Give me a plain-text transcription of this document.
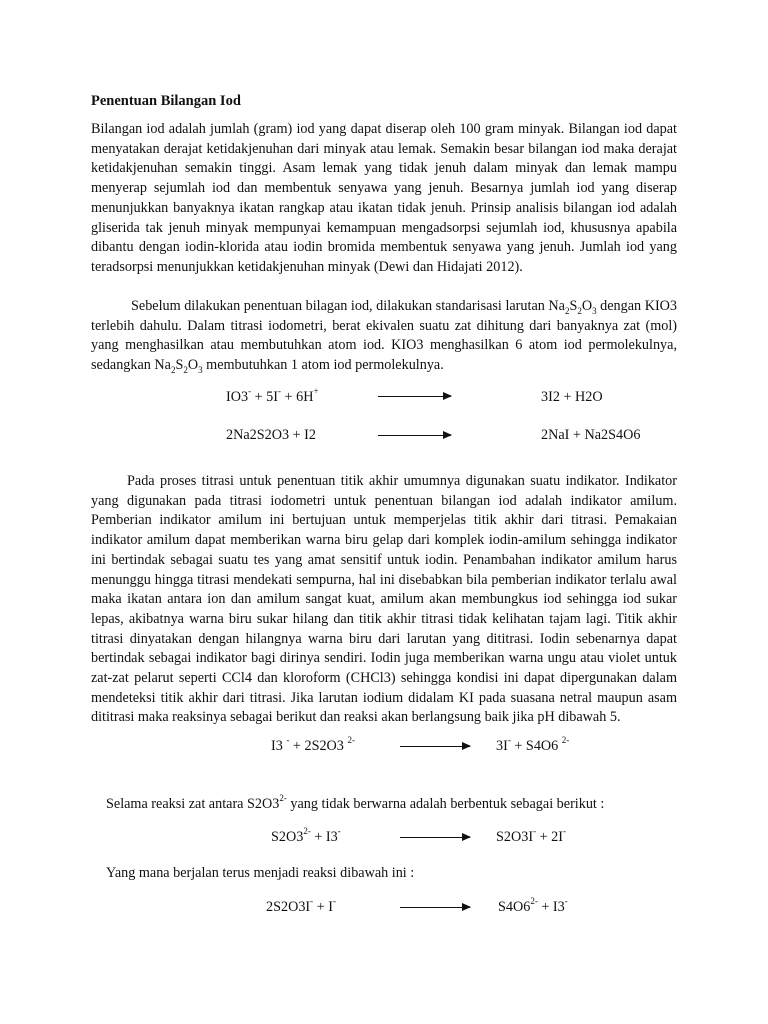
Penentuan Bilangan Iod

Bilangan iod adalah jumlah (gram) iod yang dapat diserap oleh 100 gram minyak. Bilangan iod dapat menyatakan derajat ketidakjenuhan dari minyak atau lemak. Semakin besar bilangan iod maka derajat ketidakjenuhan semakin tinggi. Asam lemak yang tidak jenuh dalam minyak dan lemak mampu menyerap sejumlah iod dan membentuk senyawa yang jenuh. Besarnya jumlah iod yang diserap menunjukkan banyaknya ikatan rangkap atau ikatan tidak jenuh. Prinsip analisis bilangan iod adalah gliserida tak jenuh minyak mempunyai kemampuan mengadsorpsi sejumlah iod, khususnya apabila dibantu dengan iodin-klorida atau iodin bromida membentuk senyawa yang jenuh. Jumlah iod yang teradsorpsi menunjukkan ketidakjenuhan minyak (Dewi dan Hidajati 2012).

Sebelum dilakukan penentuan bilagan iod, dilakukan standarisasi larutan $Na_2S_2O_3$ dengan KIO3 terlebih dahulu. Dalam titrasi iodometri, berat ekivalen suatu zat dihitung dari banyaknya zat (mol) yang menghasilkan atau membutuhkan atom iod. KIO3 menghasilkan 6 atom iod permolekulnya, sedangkan $Na_2S_2O_3$ membutuhkan 1 atom iod permolekulnya.

IO3- + 5I- + 6H+	3I2 + H2O
2Na2S2O3 + I2	2NaI + Na2S4O6

Pada proses titrasi untuk penentuan titik akhir umumnya digunakan suatu indikator. Indikator yang digunakan pada titrasi iodometri untuk penentuan bilangan iod adalah indikator amilum. Pemberian indikator amilum ini bertujuan untuk memperjelas titik akhir dari titrasi. Pemakaian indikator amilum dapat memberikan warna biru gelap dari komplek iodin-amilum sehingga indikator ini bertindak sebagai suatu tes yang amat sensitif untuk iodin. Penambahan indikator amilum harus menunggu hingga titrasi mendekati sempurna, hal ini disebabkan bila pemberian indikator terlalu awal maka ikatan antara ion dan amilum sangat kuat, amilum akan membungkus iod sehingga iod sukar lepas, akibatnya warna biru sukar hilang dan titik akhir titrasi tidak kelihatan tajam lagi. Titik akhir titrasi dinyatakan dengan hilangnya warna biru dari larutan yang dititrasi. Iodin sebenarnya dapat bertindak sebagai indikator bagi dirinya sendiri. Iodin juga memberikan warna ungu atau violet untuk zat-zat pelarut seperti CCl4 dan kloroform (CHCl3) sehingga kondisi ini dapat dipergunakan dalam mendeteksi titik akhir dari titrasi. Jika larutan iodium didalam KI pada suasana netral maupun asam dititrasi maka reaksinya sebagai berikut dan reaksi akan berlangsung baik jika pH dibawah 5.

I3 - + 2S2O3 $^{2-}$	3I- + S4O6 $^{2-}$
Selama reaksi zat antara $S2O3^{2-}$ yang tidak berwarna adalah berbentuk sebagai berikut :
$S2O3^{2-} + I3^-$	S2O3I- + 2I-
Yang mana berjalan terus menjadi reaksi dibawah ini :
2S2O3I- + I-	$S4O6^{2-} + I3^-$
